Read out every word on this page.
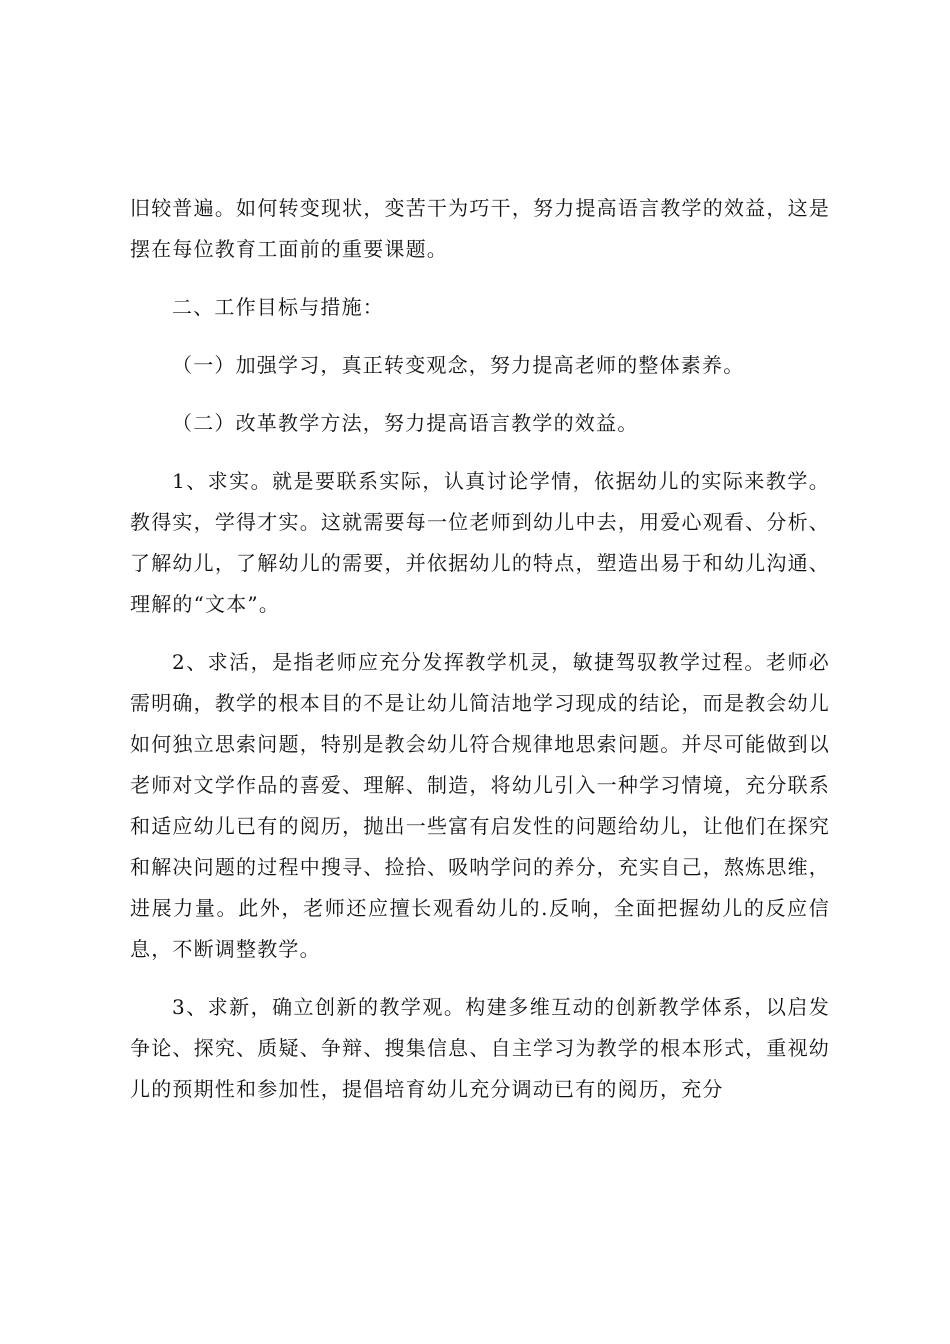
旧较普遍。如何转变现状，变苦干为巧干，努力提高语言教学的效益，这是摆在每位教育工面前的重要课题。

二、工作目标与措施：

（一）加强学习，真正转变观念，努力提高老师的整体素养。

（二）改革教学方法，努力提高语言教学的效益。

1、求实。就是要联系实际，认真讨论学情，依据幼儿的实际来教学。教得实，学得才实。这就需要每一位老师到幼儿中去，用爱心观看、分析、了解幼儿，了解幼儿的需要，并依据幼儿的特点，塑造出易于和幼儿沟通、理解的“文本”。

2、求活，是指老师应充分发挥教学机灵，敏捷驾驭教学过程。老师必需明确，教学的根本目的不是让幼儿简洁地学习现成的结论，而是教会幼儿如何独立思索问题，特别是教会幼儿符合规律地思索问题。并尽可能做到以老师对文学作品的喜爱、理解、制造，将幼儿引入一种学习情境，充分联系和适应幼儿已有的阅历，抛出一些富有启发性的问题给幼儿，让他们在探究和解决问题的过程中搜寻、捡拾、吸呐学问的养分，充实自己，熬炼思维，进展力量。此外，老师还应擅长观看幼儿的.反响，全面把握幼儿的反应信息，不断调整教学。

3、求新，确立创新的教学观。构建多维互动的创新教学体系，以启发争论、探究、质疑、争辩、搜集信息、自主学习为教学的根本形式，重视幼儿的预期性和参加性，提倡培育幼儿充分调动已有的阅历，充分
